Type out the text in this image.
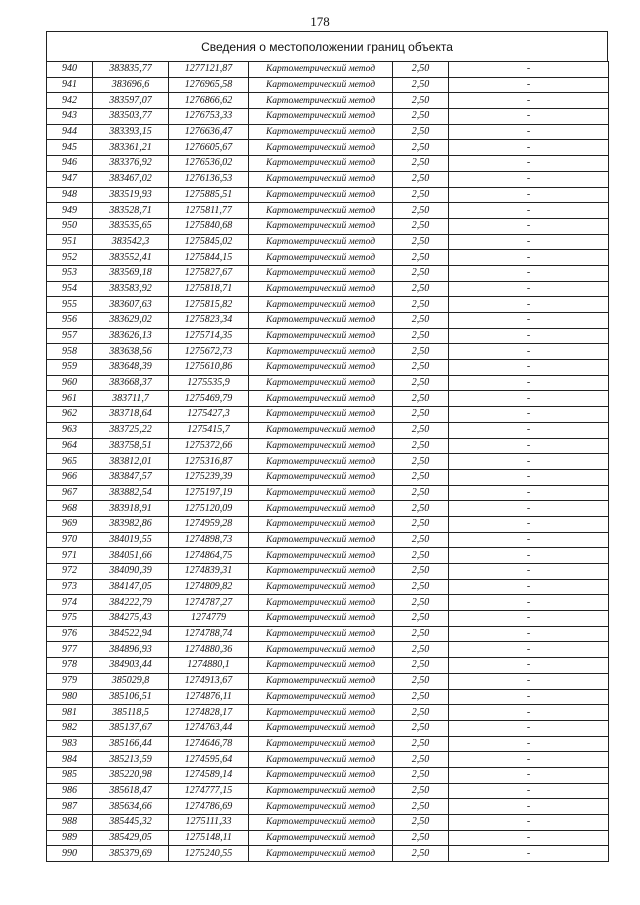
178
Сведения о местоположении границ объекта
940	383835,77	1277121,87	Картометрический метод	2,50	-
941	383696,6	1276965,58	Картометрический метод	2,50	-
942	383597,07	1276866,62	Картометрический метод	2,50	-
943	383503,77	1276753,33	Картометрический метод	2,50	-
944	383393,15	1276636,47	Картометрический метод	2,50	-
945	383361,21	1276605,67	Картометрический метод	2,50	-
946	383376,92	1276536,02	Картометрический метод	2,50	-
947	383467,02	1276136,53	Картометрический метод	2,50	-
948	383519,93	1275885,51	Картометрический метод	2,50	-
949	383528,71	1275811,77	Картометрический метод	2,50	-
950	383535,65	1275840,68	Картометрический метод	2,50	-
951	383542,3	1275845,02	Картометрический метод	2,50	-
952	383552,41	1275844,15	Картометрический метод	2,50	-
953	383569,18	1275827,67	Картометрический метод	2,50	-
954	383583,92	1275818,71	Картометрический метод	2,50	-
955	383607,63	1275815,82	Картометрический метод	2,50	-
956	383629,02	1275823,34	Картометрический метод	2,50	-
957	383626,13	1275714,35	Картометрический метод	2,50	-
958	383638,56	1275672,73	Картометрический метод	2,50	-
959	383648,39	1275610,86	Картометрический метод	2,50	-
960	383668,37	1275535,9	Картометрический метод	2,50	-
961	383711,7	1275469,79	Картометрический метод	2,50	-
962	383718,64	1275427,3	Картометрический метод	2,50	-
963	383725,22	1275415,7	Картометрический метод	2,50	-
964	383758,51	1275372,66	Картометрический метод	2,50	-
965	383812,01	1275316,87	Картометрический метод	2,50	-
966	383847,57	1275239,39	Картометрический метод	2,50	-
967	383882,54	1275197,19	Картометрический метод	2,50	-
968	383918,91	1275120,09	Картометрический метод	2,50	-
969	383982,86	1274959,28	Картометрический метод	2,50	-
970	384019,55	1274898,73	Картометрический метод	2,50	-
971	384051,66	1274864,75	Картометрический метод	2,50	-
972	384090,39	1274839,31	Картометрический метод	2,50	-
973	384147,05	1274809,82	Картометрический метод	2,50	-
974	384222,79	1274787,27	Картометрический метод	2,50	-
975	384275,43	1274779	Картометрический метод	2,50	-
976	384522,94	1274788,74	Картометрический метод	2,50	-
977	384896,93	1274880,36	Картометрический метод	2,50	-
978	384903,44	1274880,1	Картометрический метод	2,50	-
979	385029,8	1274913,67	Картометрический метод	2,50	-
980	385106,51	1274876,11	Картометрический метод	2,50	-
981	385118,5	1274828,17	Картометрический метод	2,50	-
982	385137,67	1274763,44	Картометрический метод	2,50	-
983	385166,44	1274646,78	Картометрический метод	2,50	-
984	385213,59	1274595,64	Картометрический метод	2,50	-
985	385220,98	1274589,14	Картометрический метод	2,50	-
986	385618,47	1274777,15	Картометрический метод	2,50	-
987	385634,66	1274786,69	Картометрический метод	2,50	-
988	385445,32	1275111,33	Картометрический метод	2,50	-
989	385429,05	1275148,11	Картометрический метод	2,50	-
990	385379,69	1275240,55	Картометрический метод	2,50	-
